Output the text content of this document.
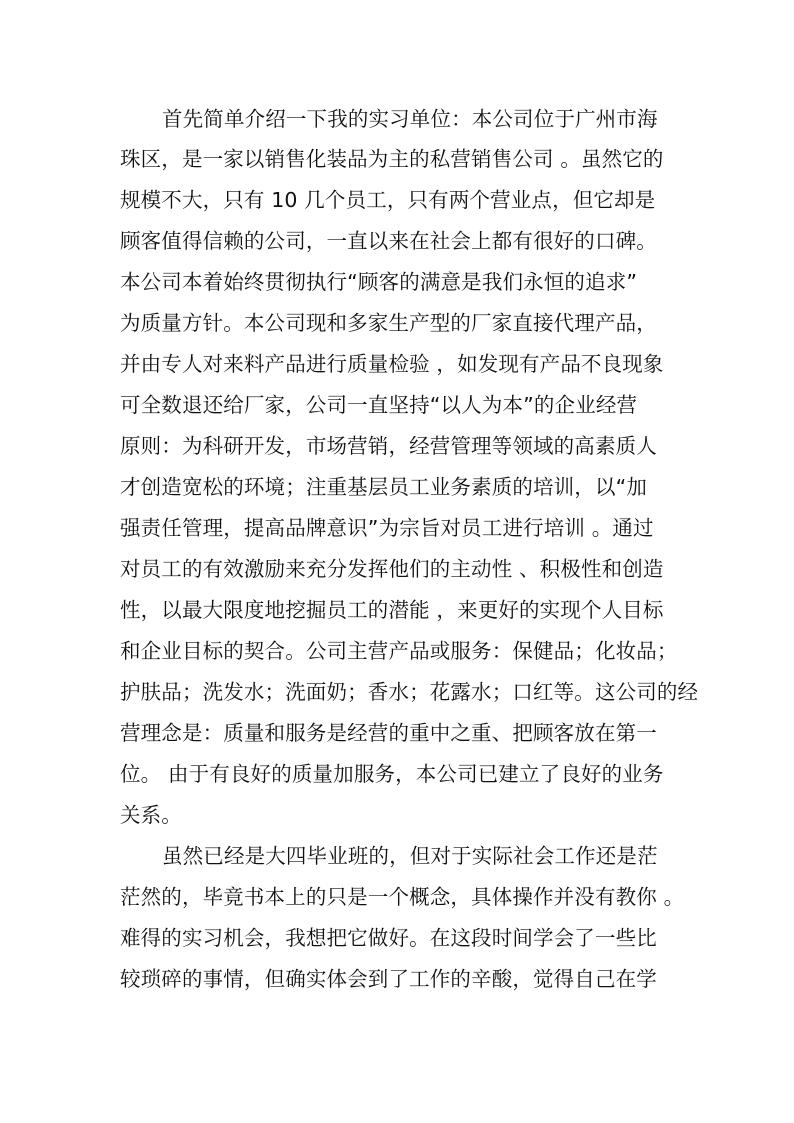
首先简单介绍一下我的实习单位：本公司位于广州市海
珠区，是一家以销售化装品为主的私营销售公司 。虽然它的
规模不大，只有 10 几个员工，只有两个营业点，但它却是
顾客值得信赖的公司，一直以来在社会上都有很好的口碑。
本公司本着始终贯彻执行“顾客的满意是我们永恒的追求”
为质量方针。本公司现和多家生产型的厂家直接代理产品，
并由专人对来料产品进行质量检验 ，如发现有产品不良现象
可全数退还给厂家，公司一直坚持“以人为本”的企业经营
原则：为科研开发，市场营销，经营管理等领域的高素质人
才创造宽松的环境；注重基层员工业务素质的培训，以“加
强责任管理，提高品牌意识”为宗旨对员工进行培训 。通过
对员工的有效激励来充分发挥他们的主动性 、积极性和创造
性，以最大限度地挖掘员工的潜能 ，来更好的实现个人目标
和企业目标的契合。公司主营产品或服务：保健品；化妆品；
护肤品；洗发水；洗面奶；香水；花露水；口红等。这公司的经
营理念是：质量和服务是经营的重中之重、把顾客放在第一
位。 由于有良好的质量加服务，本公司已建立了良好的业务
关系。
虽然已经是大四毕业班的，但对于实际社会工作还是茫
茫然的，毕竟书本上的只是一个概念，具体操作并没有教你 。
难得的实习机会，我想把它做好。在这段时间学会了一些比
较琐碎的事情，但确实体会到了工作的辛酸，觉得自己在学
